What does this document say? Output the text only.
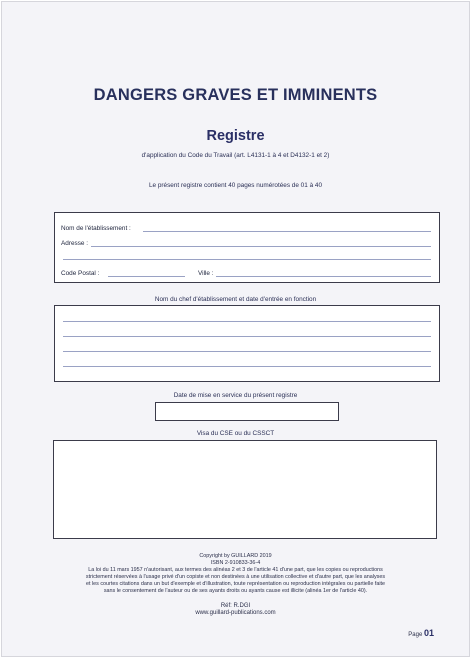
DANGERS GRAVES ET IMMINENTS
Registre
d'application du Code du Travail (art. L4131-1 à 4 et D4132-1 et 2)
Le présent registre contient 40 pages numérotées de 01 à 40
Nom de l'établissement :
Adresse :
Code Postal :	Ville :
Nom du chef d'établissement et date d'entrée en fonction
Date de mise en service du présent registre
Visa du CSE ou du CSSCT
Copyright by GUILLARD 2019
ISBN 2-910833-36-4
La loi du 11 mars 1957 n'autorisant, aux termes des alinéas 2 et 3 de l'article 41 d'une part, que les copies ou reproductions
strictement réservées à l'usage privé d'un copiste et non destinées à une utilisation collective et d'autre part, que les analyses
et les courtes citations dans un but d'exemple et d'illustration, toute représentation ou reproduction intégrales ou partielle faite
sans le consentement de l'auteur ou de ses ayants droits ou ayants cause est illicite (alinéa 1er de l'article 40).
Réf: R.DGI
www.guillard-publications.com
Page 01
